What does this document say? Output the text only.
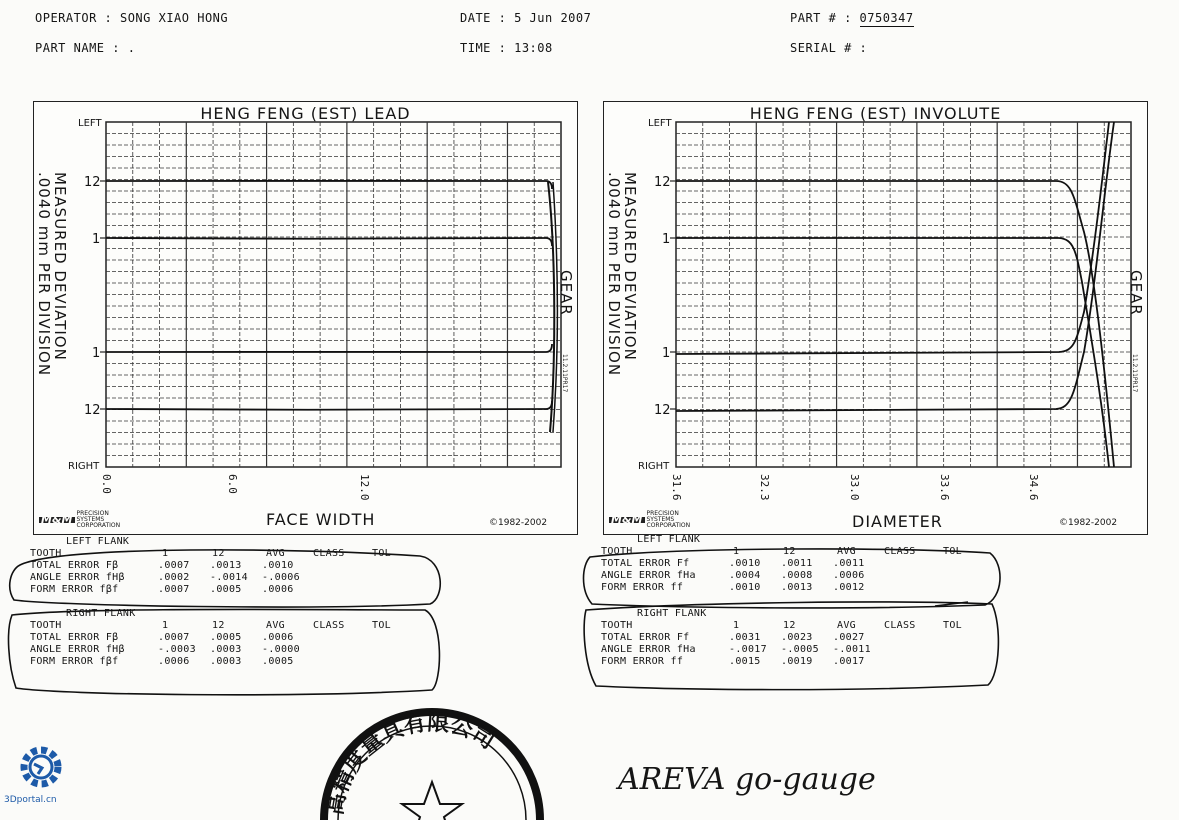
OPERATOR : SONG XIAO HONG
PART NAME : .
DATE : 5 Jun 2007
TIME : 13:08
PART # : 0750347
SERIAL # :
HENG FENG (EST) LEAD
LEFT
RIGHT
12
1
1
12
MEASURED DEVIATION
.0040 mm PER DIVISION	GEAR
11.2.11PR17
0.0	6.0	12.0
FACE WIDTH	©1982-2002
M&M PRECISION
SYSTEMS
CORPORATION
HENG FENG (EST) INVOLUTE
LEFT
RIGHT
12
1
1
12
MEASURED DEVIATION
.0040 mm PER DIVISION	GEAR
11.2.11PR17
31.6	32.3	33.0	33.6	34.6
DIAMETER	©1982-2002
M&M PRECISION
SYSTEMS
CORPORATION
LEFT FLANK
TOOTH	1	12	AVG	CLASS	TOL
TOTAL ERROR Fβ	.0007 .0013 .0010
ANGLE ERROR fHβ	.0002 -.0014 -.0006
FORM ERROR fβf	.0007 .0005 .0006
RIGHT FLANK
TOOTH	1	12	AVG	CLASS	TOL
TOTAL ERROR Fβ	.0007 .0005 .0006
ANGLE ERROR fHβ	-.0003 .0003 -.0000
FORM ERROR fβf	.0006 .0003 .0005
LEFT FLANK
TOOTH	1	12	AVG	CLASS	TOL
TOTAL ERROR Ff	.0010 .0011 .0011
ANGLE ERROR fHa	.0004 .0008 .0006
FORM ERROR ff	.0010 .0013 .0012
RIGHT FLANK
TOOTH	1	12	AVG	CLASS	TOL
TOTAL ERROR Ff	.0031 .0023 .0027
ANGLE ERROR fHa	-.0017 -.0005 -.0011
FORM ERROR ff	.0015 .0019 .0017
高精度量具有限公司
AREVA go-gauge
3Dportal.cn
